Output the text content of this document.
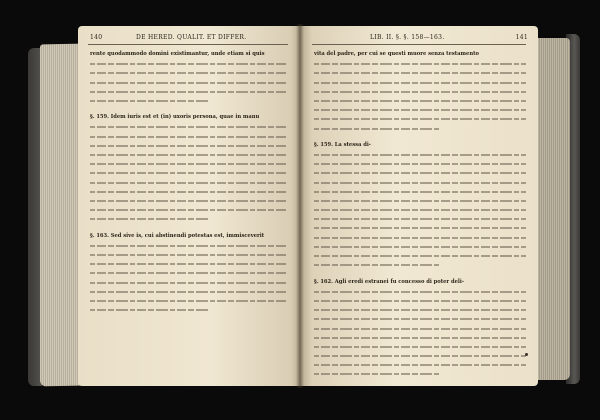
140	DE HERED. QUALIT. ET DIFFER.
rente quodammodo domini existimantur, unde etiam si quis
§. 159. Idem iuris est et (in) uxoris persona, quae in manu
§. 163. Sed sive is, cui abstinendi potestas est, immisceverit
LIB. II. §. §. 158—163.	141
vita del padre, per cui se questi muore senza testamento
§. 159. La stessa di-
§. 162. Agli eredi estranei fu concesso di poter deli-
